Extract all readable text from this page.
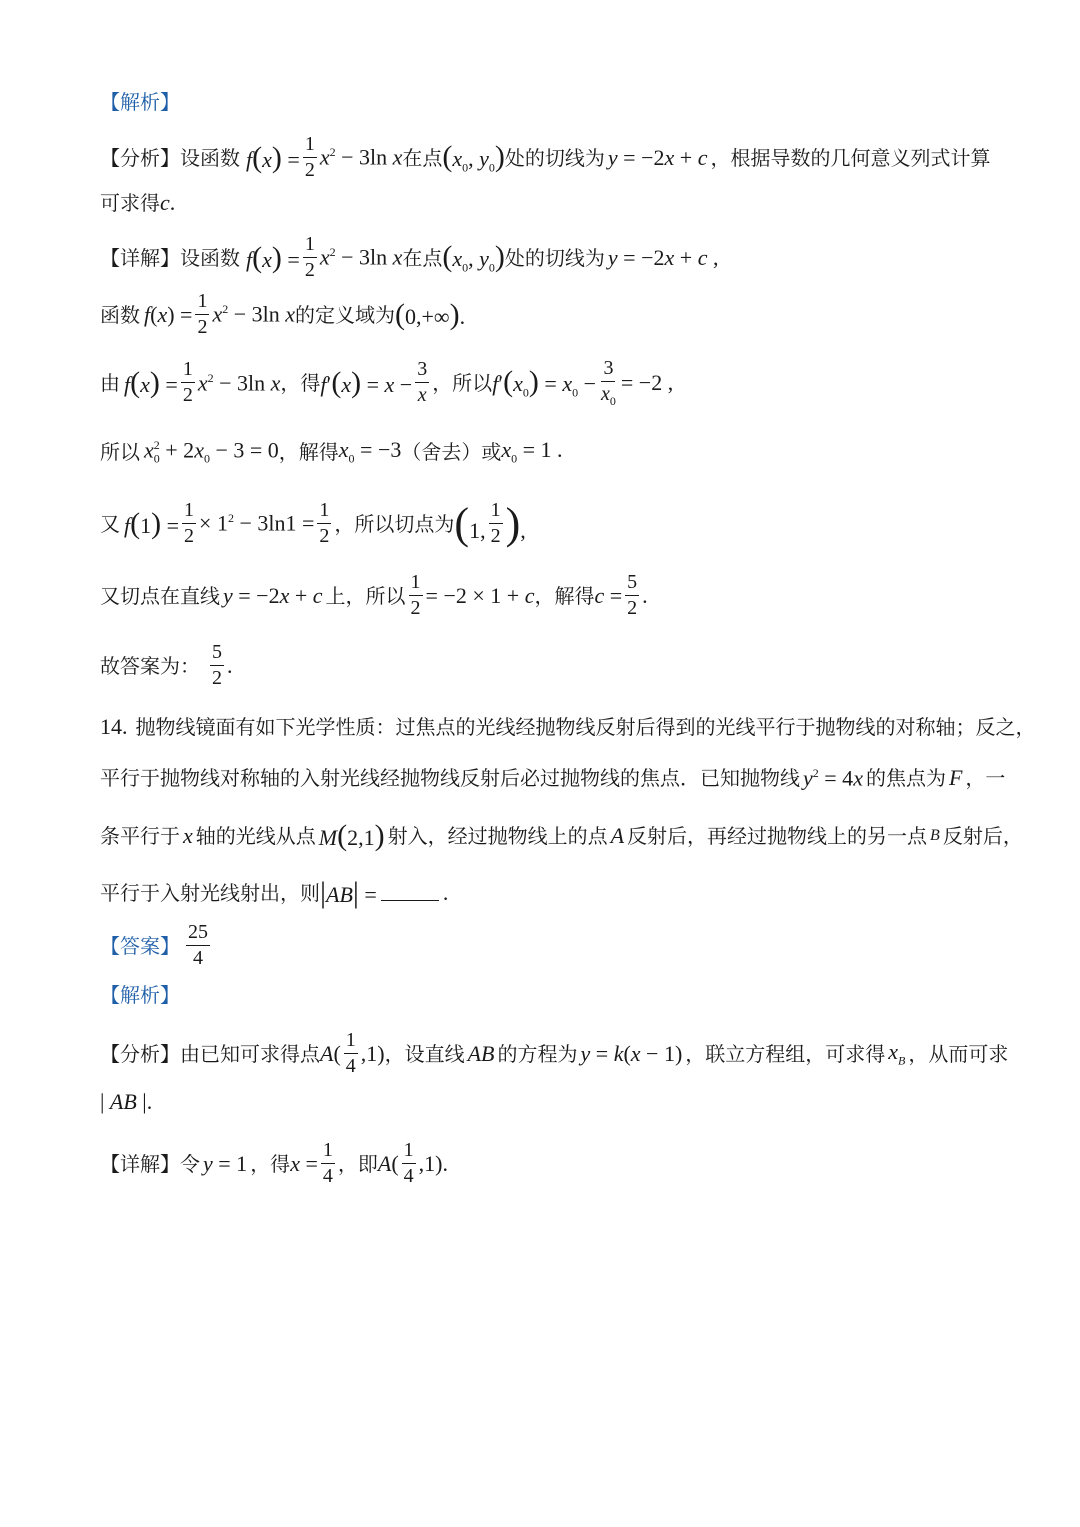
【解析】
【分析】 设函数 $f(x) = \frac{1}{2} x^2 - 3\ln$ x 在点 ($x_0$, $y_0$) 处的切线为 y = −2x + c ，根据导数的几何意义列式计算
可求得 c.
【详解】 设函数 $f(x) = \frac{1}{2} x^2 - 3\ln$ x 在点 ($x_0$, $y_0$) 处的切线为 y = −2x + c ,
函数 $f(x) = \frac{1}{2} x^2 - 3\ln$ x 的定义域为 (0,+∞).
由 $f(x) = \frac{1}{2} x^2 - 3\ln$ x ，得 $f'(x) = x - \frac{3}{x}$ ，所以 $f'(x_0) = x_0 - \frac{3}{x_0} = -2$ ,
所以 $x_0^2 + 2x_0 - 3 = 0$ ，解得 $x_0 = -3$ （舍去）或 $x_0 = 1$ .
又 $f(1) = \frac{1}{2} \times 1^2 - 3\ln 1 = \frac{1}{2}$ ，所以切点为 (1,
1
2 ),
又切点在直线 y = −2x + c 上，所以 $\frac{1}{2} = -2 \times 1 + c$ ，解得 $c = \frac{5}{2}$ .
故答案为：
5
2
.
14. 抛物线镜面有如下光学性质：过焦点的光线经抛物线反射后得到的光线平行于抛物线的对称轴；反之，
平行于抛物线对称轴的入射光线经抛物线反射后必过抛物线的焦点．已知抛物线 $y^2 = 4x$ 的焦点为 F ，一
条平行于 x 轴的光线从点 M(2,1) 射入，经过抛物线上的点 A 反射后，再经过抛物线上的另一点 B 反射后，
平行于入射光线射出，则 |AB| =	.
【答案】
25
4
【解析】
【分析】 由已知可求得点 A(
1
4
,1) ，设直线 AB 的方程为 y = k(x − 1) ，联立方程组，可求得 $x_B$ ，从而可求
| AB |.
【详解】 令 y = 1 ，得 $x = \frac{1}{4}$ ，即 A(
1
4
,1).
